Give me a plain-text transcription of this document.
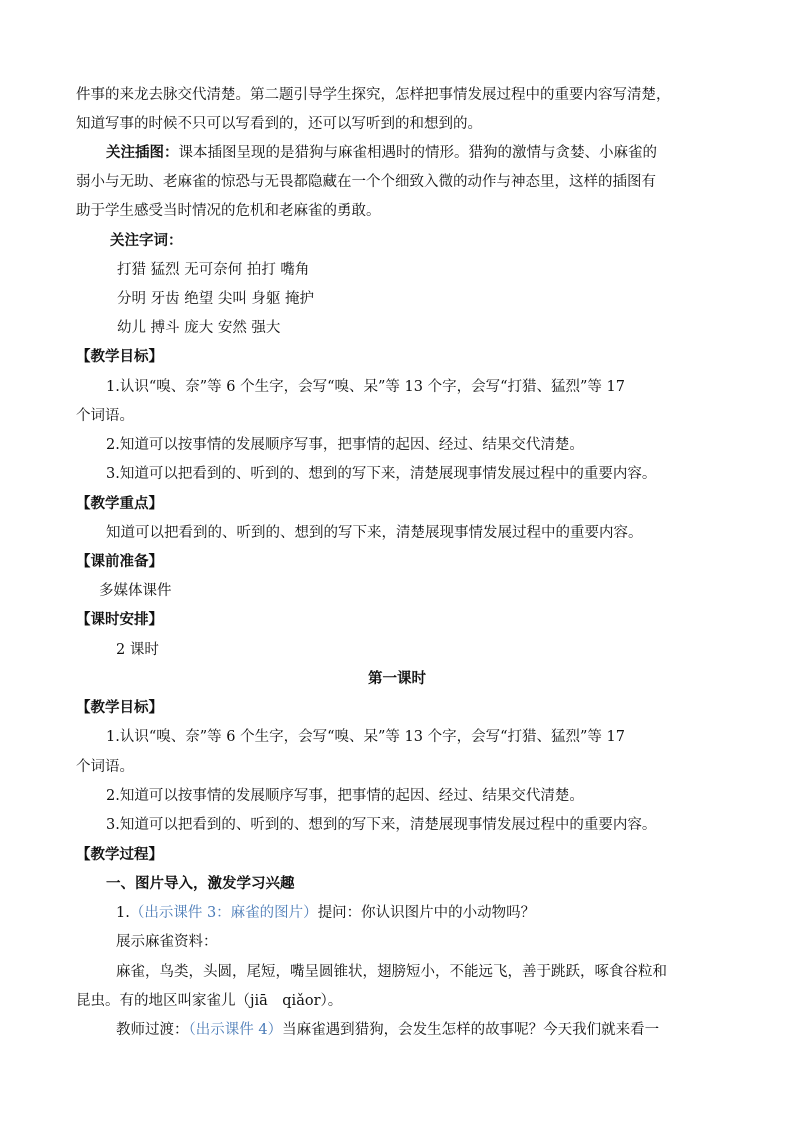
件事的来龙去脉交代清楚。第二题引导学生探究，怎样把事情发展过程中的重要内容写清楚，
知道写事的时候不只可以写看到的，还可以写听到的和想到的。
关注插图：课本插图呈现的是猎狗与麻雀相遇时的情形。猎狗的激情与贪婪、小麻雀的
弱小与无助、老麻雀的惊恐与无畏都隐藏在一个个细致入微的动作与神态里，这样的插图有
助于学生感受当时情况的危机和老麻雀的勇敢。
关注字词：
打猎 猛烈 无可奈何 拍打 嘴角
分明 牙齿 绝望 尖叫 身躯 掩护
幼儿 搏斗 庞大 安然 强大
【教学目标】
1.认识“嗅、奈”等 6 个生字，会写“嗅、呆”等 13 个字，会写“打猎、猛烈”等 17
个词语。
2.知道可以按事情的发展顺序写事，把事情的起因、经过、结果交代清楚。
3.知道可以把看到的、听到的、想到的写下来，清楚展现事情发展过程中的重要内容。
【教学重点】
知道可以把看到的、听到的、想到的写下来，清楚展现事情发展过程中的重要内容。
【课前准备】
多媒体课件
【课时安排】
2 课时
第一课时
【教学目标】
1.认识“嗅、奈”等 6 个生字，会写“嗅、呆”等 13 个字，会写“打猎、猛烈”等 17
个词语。
2.知道可以按事情的发展顺序写事，把事情的起因、经过、结果交代清楚。
3.知道可以把看到的、听到的、想到的写下来，清楚展现事情发展过程中的重要内容。
【教学过程】
一、图片导入，激发学习兴趣
1.（出示课件 3：麻雀的图片）提问：你认识图片中的小动物吗？
展示麻雀资料：
麻雀，鸟类，头圆，尾短，嘴呈圆锥状，翅膀短小，不能远飞，善于跳跃，啄食谷粒和
昆虫。有的地区叫家雀儿（jiā　qiǎor）。
教师过渡：（出示课件 4）当麻雀遇到猎狗，会发生怎样的故事呢？今天我们就来看一
